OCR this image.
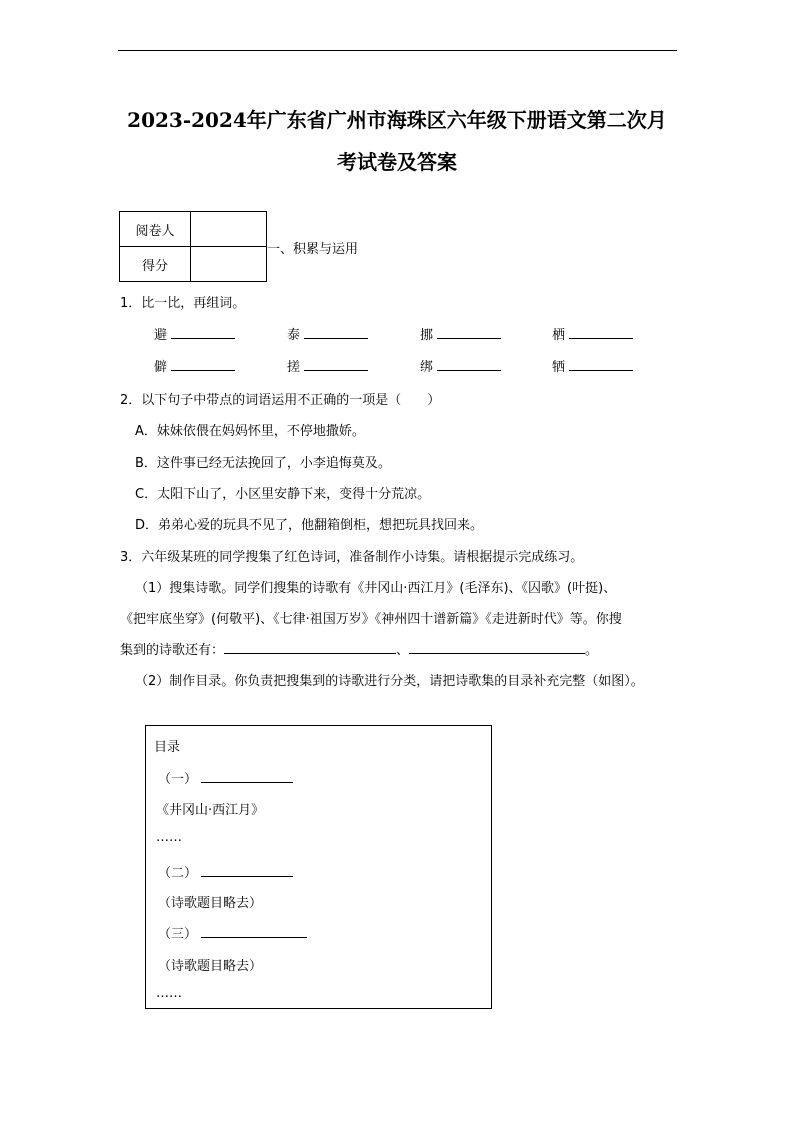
2023-2024年广东省广州市海珠区六年级下册语文第二次月
考试卷及答案
阅卷人	
得分	
一、积累与运用
1．比一比，再组词。
避	泰	挪	栖
僻	搓	绑	牺
2．以下句子中带点的词语运用不正确的一项是（　　）
A．妹妹依偎在妈妈怀里，不停地撒娇。
B．这件事已经无法挽回了，小李追悔莫及。
C．太阳下山了，小区里安静下来，变得十分荒凉。
D．弟弟心爱的玩具不见了，他翻箱倒柜，想把玩具找回来。
3．六年级某班的同学搜集了红色诗词，准备制作小诗集。请根据提示完成练习。
（1）搜集诗歌。同学们搜集的诗歌有《井冈山·西江月》(毛泽东)、《囚歌》(叶挺)、
《把牢底坐穿》(何敬平)、《七律·祖国万岁》《神州四十谱新篇》《走进新时代》等。你搜
集到的诗歌还有：	、	。
（2）制作目录。你负责把搜集到的诗歌进行分类，请把诗歌集的目录补充完整（如图）。
目录
（一）
《井冈山·西江月》
……
（二）
（诗歌题目略去）
（三）
（诗歌题目略去）
……
